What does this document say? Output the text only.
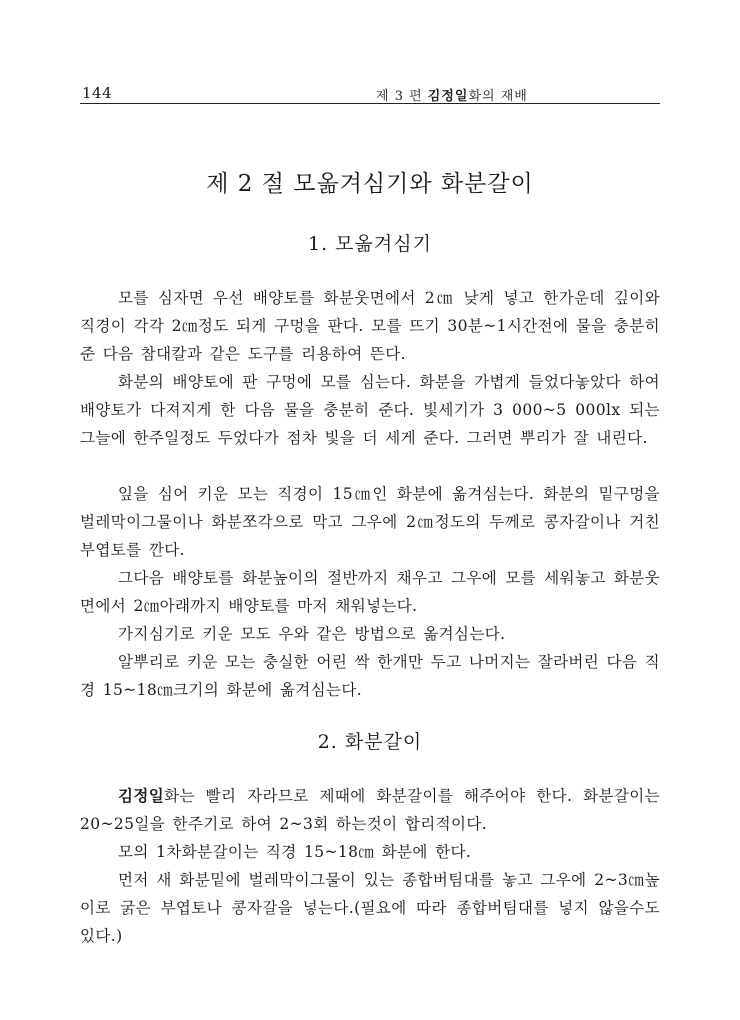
144	제 3 편 김정일화의 재배
제 2 절 모옮겨심기와 화분갈이
1. 모옮겨심기

모를 심자면 우선 배양토를 화분웃면에서 2㎝ 낮게 넣고 한가운데 깊이와 직경이 각각 2㎝정도 되게 구멍을 판다. 모를 뜨기 30분~1시간전에 물을 충분히 준 다음 참대칼과 같은 도구를 리용하여 뜬다.

화분의 배양토에 판 구멍에 모를 심는다. 화분을 가볍게 들었다놓았다 하여 배양토가 다져지게 한 다음 물을 충분히 준다. 빛세기가 3 000~5 000lx 되는 그늘에 한주일정도 두었다가 점차 빛을 더 세게 준다. 그러면 뿌리가 잘 내린다.

잎을 심어 키운 모는 직경이 15㎝인 화분에 옮겨심는다. 화분의 밑구멍을 벌레막이그물이나 화분쪼각으로 막고 그우에 2㎝정도의 두께로 콩자갈이나 거친 부엽토를 깐다.

그다음 배양토를 화분높이의 절반까지 채우고 그우에 모를 세워놓고 화분웃면에서 2㎝아래까지 배양토를 마저 채워넣는다.

가지심기로 키운 모도 우와 같은 방법으로 옮겨심는다.

알뿌리로 키운 모는 충실한 어린 싹 한개만 두고 나머지는 잘라버린 다음 직경 15~18㎝크기의 화분에 옮겨심는다.

2. 화분갈이

김정일화는 빨리 자라므로 제때에 화분갈이를 해주어야 한다. 화분갈이는 20~25일을 한주기로 하여 2~3회 하는것이 합리적이다.

모의 1차화분갈이는 직경 15~18㎝ 화분에 한다.

먼저 새 화분밑에 벌레막이그물이 있는 종합버팀대를 놓고 그우에 2~3㎝높이로 굵은 부엽토나 콩자갈을 넣는다.(필요에 따라 종합버팀대를 넣지 않을수도 있다.)
